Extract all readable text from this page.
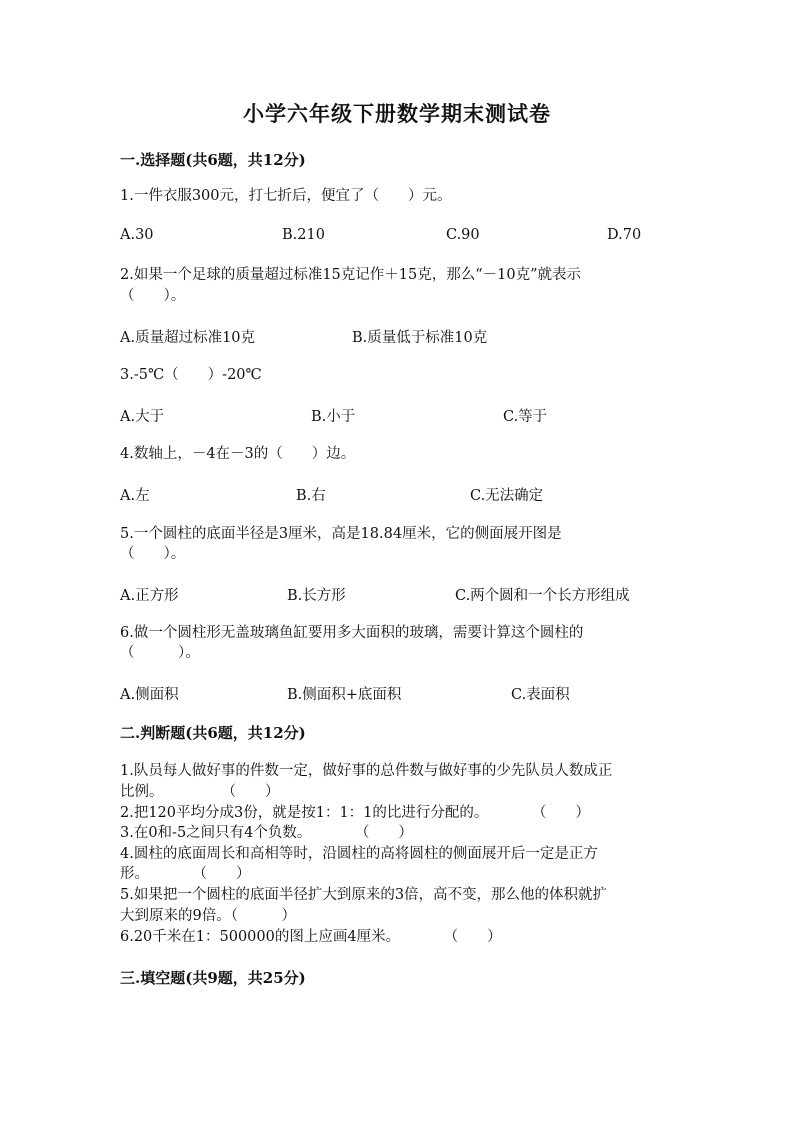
小学六年级下册数学期末测试卷
一.选择题(共6题，共12分)
1.一件衣服300元，打七折后，便宜了（　　）元。
A.30	B.210	C.90	D.70
2.如果一个足球的质量超过标准15克记作＋15克，那么“－10克”就表示
（　　）。
A.质量超过标准10克	B.质量低于标准10克
3.-5℃（　　）-20℃
A.大于	B.小于	C.等于
4.数轴上，－4在－3的（　　）边。
A.左	B.右	C.无法确定
5.一个圆柱的底面半径是3厘米，高是18.84厘米，它的侧面展开图是
（　　）。
A.正方形	B.长方形	C.两个圆和一个长方形组成
6.做一个圆柱形无盖玻璃鱼缸要用多大面积的玻璃，需要计算这个圆柱的
（　　　）。
A.侧面积	B.侧面积+底面积	C.表面积
二.判断题(共6题，共12分)
1.队员每人做好事的件数一定，做好事的总件数与做好事的少先队员人数成正
比例。　　　　　（　　）
2.把120平均分成3份，就是按1：1：1的比进行分配的。　　　　（　　）
3.在0和-5之间只有4个负数。　　　　（　　）
4.圆柱的底面周长和高相等时，沿圆柱的高将圆柱的侧面展开后一定是正方
形。　　　　（　　）
5.如果把一个圆柱的底面半径扩大到原来的3倍，高不变，那么他的体积就扩
大到原来的9倍。（　　　）
6.20千米在1：500000的图上应画4厘米。　　　　（　　）
三.填空题(共9题，共25分)
